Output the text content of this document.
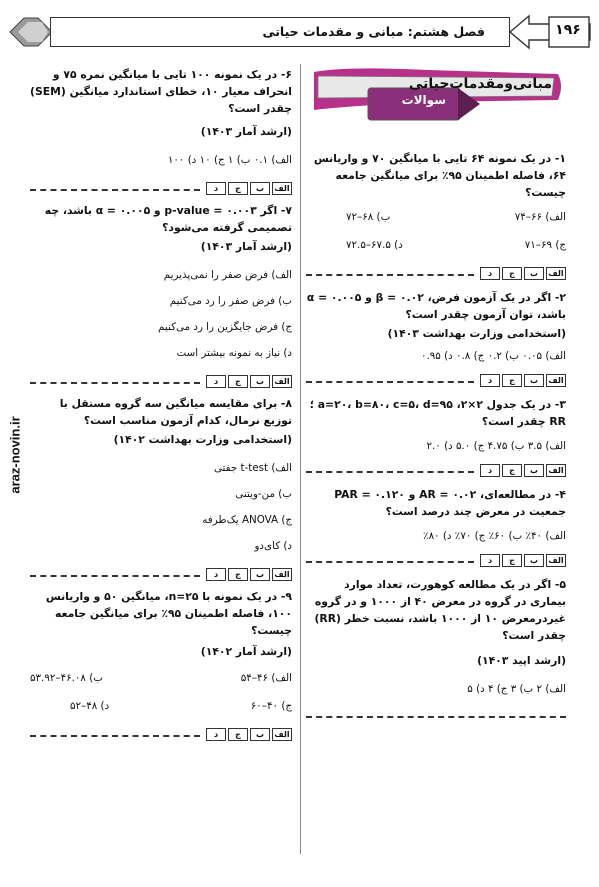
فصل هشتم: مبانی و مقدمات حیاتی	۱۹۶
araz-novin.ir
مبانی‌ومقدمات‌حیاتی
سوالات
۱- در یک نمونه ۶۴ تایی با میانگین ۷۰ و واریانس ۶۴، فاصله اطمینان ۹۵٪ برای میانگین جامعه چیست؟
الف) ۶۶–۷۴
ب) ۶۸–۷۲
ج) ۶۹–۷۱
د) ۶۷.۵–۷۲.۵
الف
ب
ج
د
۲- اگر در یک آزمون فرض، ۰.۰۲ = β و ۰.۰۰۵ = α باشد، توان آزمون چقدر است؟
(استخدامی وزارت بهداشت ۱۴۰۳)
الف) ۰.۰۵ ب) ۰.۲ ج) ۰.۸ د) ۰.۹۵
الف
ب
ج
د
۳- در یک جدول ۲×۲، a=۲۰، b=۸۰، c=۵، d=۹۵ ؛ RR چقدر است؟
الف) ۳.۵ ب) ۴.۷۵ ج) ۵.۰ د) ۲.۰
الف
ب
ج
د
۴- در مطالعه‌ای، ۰.۰۲ = AR و ۰.۱۲۰ = PAR جمعیت در معرض چند درصد است؟
الف) ۴۰٪ ب) ۶۰٪ ج) ۷۰٪ د) ۸۰٪
الف
ب
ج
د
۵- اگر در یک مطالعه کوهورت، تعداد موارد بیماری در گروه در معرض ۴۰ از ۱۰۰۰ و در گروه غیردرمعرض ۱۰ از ۱۰۰۰ باشد، نسبت خطر (RR) چقدر است؟
(ارشد اپید ۱۴۰۳)
الف) ۲ ب) ۳ ج) ۴ د) ۵
۶- در یک نمونه ۱۰۰ تایی با میانگین نمره ۷۵ و انحراف معیار ۱۰، خطای استاندارد میانگین (SEM) چقدر است؟
(ارشد آمار ۱۴۰۳)
الف) ۰.۱ ب) ۱ ج) ۱۰ د) ۱۰۰
الف
ب
ج
د
۷- اگر ۰.۰۰۳ = p-value و ۰.۰۰۵ = α باشد، چه تصمیمی گرفته می‌شود؟
(ارشد آمار ۱۴۰۳)
الف) فرض صفر را نمی‌پذیریم
ب) فرض صفر را رد می‌کنیم
ج) فرض جایگزین را رد می‌کنیم
د) نیاز به نمونه بیشتر است
الف
ب
ج
د
۸- برای مقایسه میانگین سه گروه مستقل با توزیع نرمال، کدام آزمون مناسب است؟
(استخدامی وزارت بهداشت ۱۴۰۲)
الف) t-test جفتی
ب) من-ویتنی
ج) ANOVA یک‌طرفه
د) کای‌دو
الف
ب
ج
د
۹- در یک نمونه با ۲۵=n، میانگین ۵۰ و واریانس ۱۰۰، فاصله اطمینان ۹۵٪ برای میانگین جامعه چیست؟
(ارشد آمار ۱۴۰۲)
الف) ۴۶–۵۴
ب) ۴۶.۰۸–۵۳.۹۲
ج) ۴۰–۶۰
د) ۴۸–۵۲
الف
ب
ج
د
